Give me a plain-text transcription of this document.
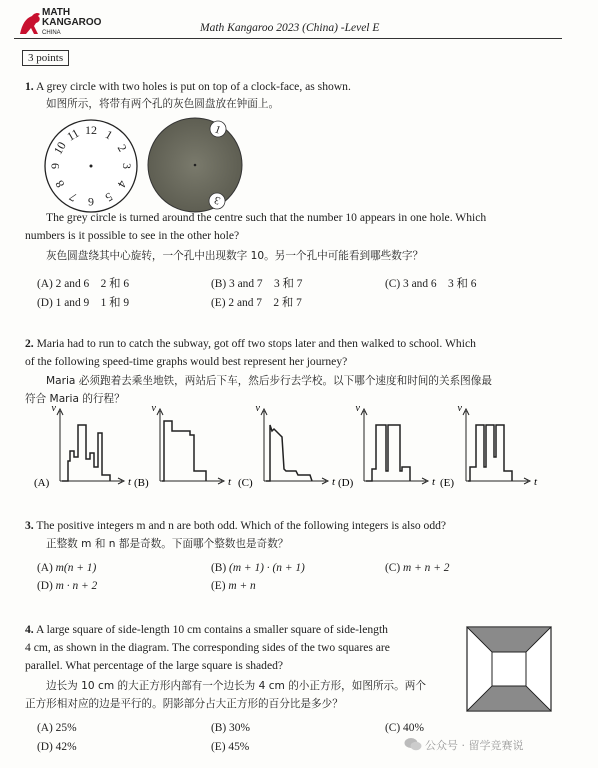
MATH
KANGAROO
CHINA	Math Kangaroo 2023 (China) -Level E
3 points
1. A grey circle with two holes is put on top of a clock-face, as shown.
如图所示，将带有两个孔的灰色圆盘放在钟面上。
12 1
2
3
4
5
6
7
8
9
10
11	1
3
The grey circle is turned around the centre such that the number 10 appears in one hole. Which
numbers is it possible to see in the other hole?
灰色圆盘绕其中心旋转，一个孔中出现数字 10。另一个孔中可能看到哪些数字？
(A) 2 and 6    2 和 6	(B) 3 and 7    3 和 7	(C) 3 and 6    3 和 6
(D) 1 and 9    1 和 9	(E) 2 and 7    2 和 7
2. Maria had to run to catch the subway, got off two stops later and then walked to school. Which
of the following speed-time graphs would best represent her journey?
Maria 必须跑着去乘坐地铁，两站后下车，然后步行去学校。以下哪个速度和时间的关系图像最
符合 Maria 的行程？
v
t
(A)
v
t
(B)
v
t
(C)
v
t
(D)
v
t
(E)
3. The positive integers m and n are both odd. Which of the following integers is also odd?
正整数 m 和 n 都是奇数。下面哪个整数也是奇数？
(A) m(n + 1)	(B) (m + 1) · (n + 1)	(C) m + n + 2
(D) m · n + 2	(E) m + n
4. A large square of side-length 10 cm contains a smaller square of side-length
4 cm, as shown in the diagram. The corresponding sides of the two squares are
parallel. What percentage of the large square is shaded?
边长为 10 cm 的大正方形内部有一个边长为 4 cm 的小正方形，如图所示。两个
正方形相对应的边是平行的。阴影部分占大正方形的百分比是多少？
(A) 25%	(B) 30%	(C) 40%
(D) 42%	(E) 45%	公众号 · 留学竞赛说
